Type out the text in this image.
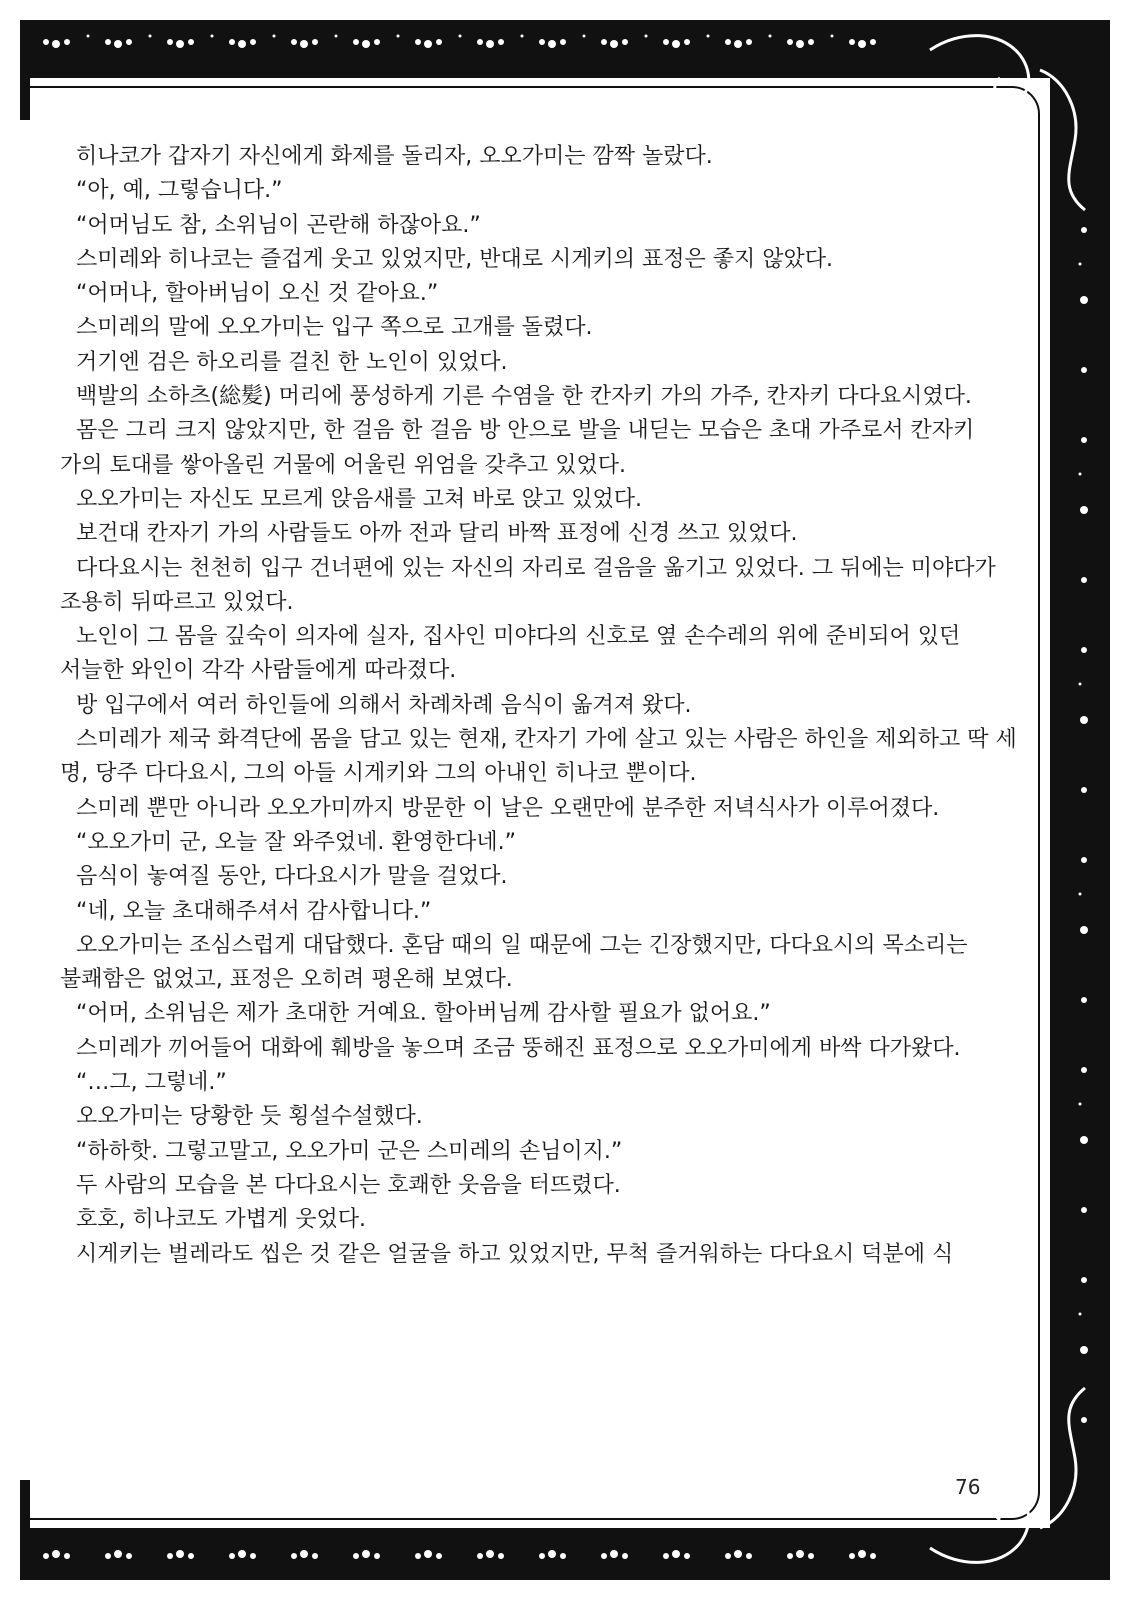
히나코가 갑자기 자신에게 화제를 돌리자, 오오가미는 깜짝 놀랐다.

“아, 예, 그렇습니다.”

“어머님도 참, 소위님이 곤란해 하잖아요.”

스미레와 히나코는 즐겁게 웃고 있었지만, 반대로 시게키의 표정은 좋지 않았다.

“어머나, 할아버님이 오신 것 같아요.”

스미레의 말에 오오가미는 입구 쪽으로 고개를 돌렸다.

거기엔 검은 하오리를 걸친 한 노인이 있었다.

백발의 소하츠(総髪) 머리에 풍성하게 기른 수염을 한 칸자키 가의 가주, 칸자키 다다요시였다.

몸은 그리 크지 않았지만, 한 걸음 한 걸음 방 안으로 발을 내딛는 모습은 초대 가주로서 칸자키 가의 토대를 쌓아올린 거물에 어울린 위엄을 갖추고 있었다.

오오가미는 자신도 모르게 앉음새를 고쳐 바로 앉고 있었다.

보건대 칸자기 가의 사람들도 아까 전과 달리 바짝 표정에 신경 쓰고 있었다.

다다요시는 천천히 입구 건너편에 있는 자신의 자리로 걸음을 옮기고 있었다. 그 뒤에는 미야다가 조용히 뒤따르고 있었다.

노인이 그 몸을 깊숙이 의자에 실자, 집사인 미야다의 신호로 옆 손수레의 위에 준비되어 있던 서늘한 와인이 각각 사람들에게 따라졌다.

방 입구에서 여러 하인들에 의해서 차례차례 음식이 옮겨져 왔다.

스미레가 제국 화격단에 몸을 담고 있는 현재, 칸자기 가에 살고 있는 사람은 하인을 제외하고 딱 세 명, 당주 다다요시, 그의 아들 시게키와 그의 아내인 히나코 뿐이다.

스미레 뿐만 아니라 오오가미까지 방문한 이 날은 오랜만에 분주한 저녁식사가 이루어졌다.

“오오가미 군, 오늘 잘 와주었네. 환영한다네.”

음식이 놓여질 동안, 다다요시가 말을 걸었다.

“네, 오늘 초대해주셔서 감사합니다.”

오오가미는 조심스럽게 대답했다. 혼담 때의 일 때문에 그는 긴장했지만, 다다요시의 목소리는 불쾌함은 없었고, 표정은 오히려 평온해 보였다.

“어머, 소위님은 제가 초대한 거예요. 할아버님께 감사할 필요가 없어요.”

스미레가 끼어들어 대화에 훼방을 놓으며 조금 뚱해진 표정으로 오오가미에게 바싹 다가왔다.

“…그, 그렇네.”

오오가미는 당황한 듯 횡설수설했다.

“하하핫. 그렇고말고, 오오가미 군은 스미레의 손님이지.”

두 사람의 모습을 본 다다요시는 호쾌한 웃음을 터뜨렸다.

호호, 히나코도 가볍게 웃었다.

시게키는 벌레라도 씹은 것 같은 얼굴을 하고 있었지만, 무척 즐거워하는 다다요시 덕분에 식

76
